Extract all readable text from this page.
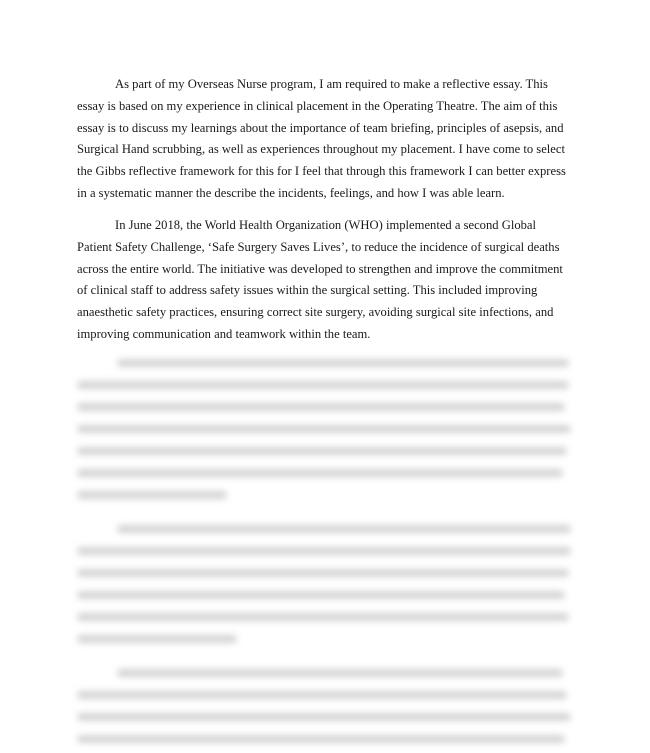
As part of my Overseas Nurse program, I am required to make a reflective essay. This essay is based on my experience in clinical placement in the Operating Theatre. The aim of this essay is to discuss my learnings about the importance of team briefing, principles of asepsis, and Surgical Hand scrubbing, as well as experiences throughout my placement. I have come to select the Gibbs reflective framework for this for I feel that through this framework I can better express in a systematic manner the describe the incidents, feelings, and how I was able learn.

In June 2018, the World Health Organization (WHO) implemented a second Global Patient Safety Challenge, ‘Safe Surgery Saves Lives’, to reduce the incidence of surgical deaths across the entire world. The initiative was developed to strengthen and improve the commitment of clinical staff to address safety issues within the surgical setting. This included improving anaesthetic safety practices, ensuring correct site surgery, avoiding surgical site infections, and improving communication and teamwork within the team.
